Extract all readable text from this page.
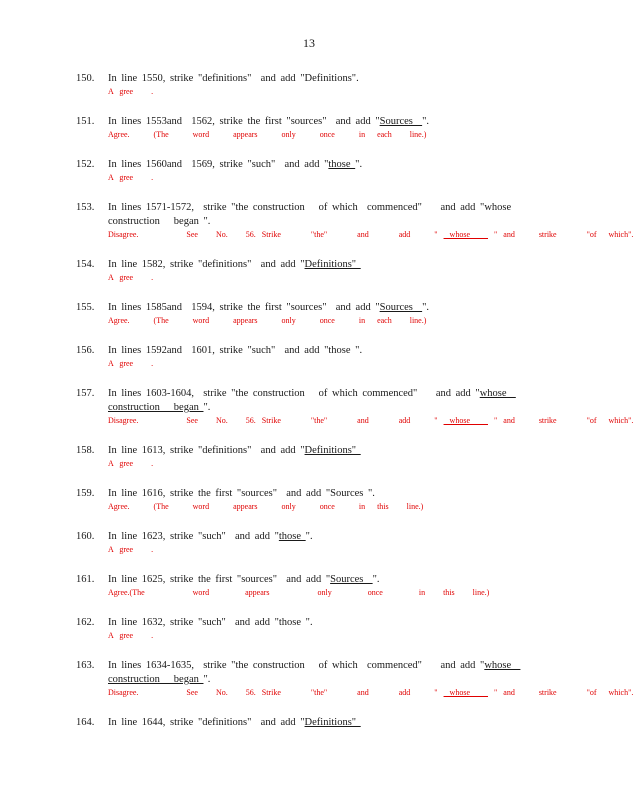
13
150.	In line 1550, strike "definitions"  and add "Definitions".
A gree   .
151.	In lines 1553and  1562, strike the first "sources"  and add "Sources  ".
Agree.    (The    word    appears    only    once    in  each   line.)
152.	In lines 1560and  1569, strike "such"  and add "those ".
A gree   .
153.	In lines 1571-1572,  strike "the construction   of which  commenced"    and add "whose
construction   began ".
Disagree.        See   No.   56. Strike     "the"     and     add    "  whose    " and    strike     "of  which".
154.	In line 1582, strike "definitions"  and add "Definitions"
A gree   .
155.	In lines 1585and  1594, strike the first "sources"  and add "Sources  ".
Agree.    (The    word    appears    only    once    in  each   line.)
156.	In lines 1592and  1601, strike "such"  and add "those ".
A gree   .
157.	In lines 1603-1604,  strike "the construction   of which commenced"    and add "whose
construction   began ".
Disagree.        See   No.   56. Strike     "the"     and     add    "  whose    " and    strike     "of  which".
158.	In line 1613, strike "definitions"  and add "Definitions"
A gree   .
159.	In line 1616, strike the first "sources"  and add "Sources ".
Agree.    (The    word    appears    only    once    in  this   line.)
160.	In line 1623, strike "such"  and add "those ".
A gree   .
161.	In line 1625, strike the first "sources"  and add "Sources  ".
Agree.(The        word      appears        only      once      in   this   line.)
162.	In line 1632, strike "such"  and add "those ".
A gree   .
163.	In lines 1634-1635,  strike "the construction   of which  commenced"    and add "whose
construction   began ".
Disagree.        See   No.   56. Strike     "the"     and     add    "  whose    " and    strike     "of  which".
164.	In line 1644, strike "definitions"  and add "Definitions"
